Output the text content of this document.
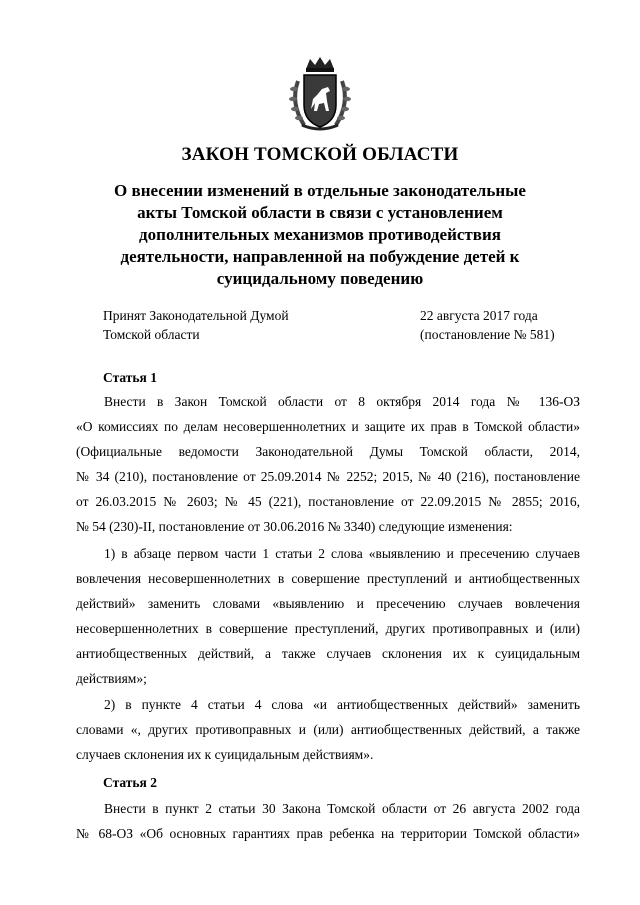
ЗАКОН ТОМСКОЙ ОБЛАСТИ
О внесении изменений в отдельные законодательные
акты Томской области в связи с установлением
дополнительных механизмов противодействия
деятельности, направленной на побуждение детей к
суицидальному поведению
Принят Законодательной Думой
Томской области
22 августа 2017 года
(постановление № 581)
Статья 1
Внести в Закон Томской области от 8 октября 2014 года № 136-ОЗ
«О комиссиях по делам несовершеннолетних и защите их прав в Томской области»
(Официальные ведомости Законодательной Думы Томской области, 2014,
№ 34 (210), постановление от 25.09.2014 № 2252; 2015, № 40 (216), постановление
от 26.03.2015 № 2603; № 45 (221), постановление от 22.09.2015 № 2855; 2016,
№ 54 (230)-II, постановление от 30.06.2016 № 3340) следующие изменения:
1) в абзаце первом части 1 статьи 2 слова «выявлению и пресечению случаев
вовлечения несовершеннолетних в совершение преступлений и антиобщественных
действий» заменить словами «выявлению и пресечению случаев вовлечения
несовершеннолетних в совершение преступлений, других противоправных и (или)
антиобщественных действий, а также случаев склонения их к суицидальным
действиям»;
2) в пункте 4 статьи 4 слова «и антиобщественных действий» заменить
словами «, других противоправных и (или) антиобщественных действий, а также
случаев склонения их к суицидальным действиям».
Статья 2
Внести в пункт 2 статьи 30 Закона Томской области от 26 августа 2002 года
№ 68-ОЗ «Об основных гарантиях прав ребенка на территории Томской области»
